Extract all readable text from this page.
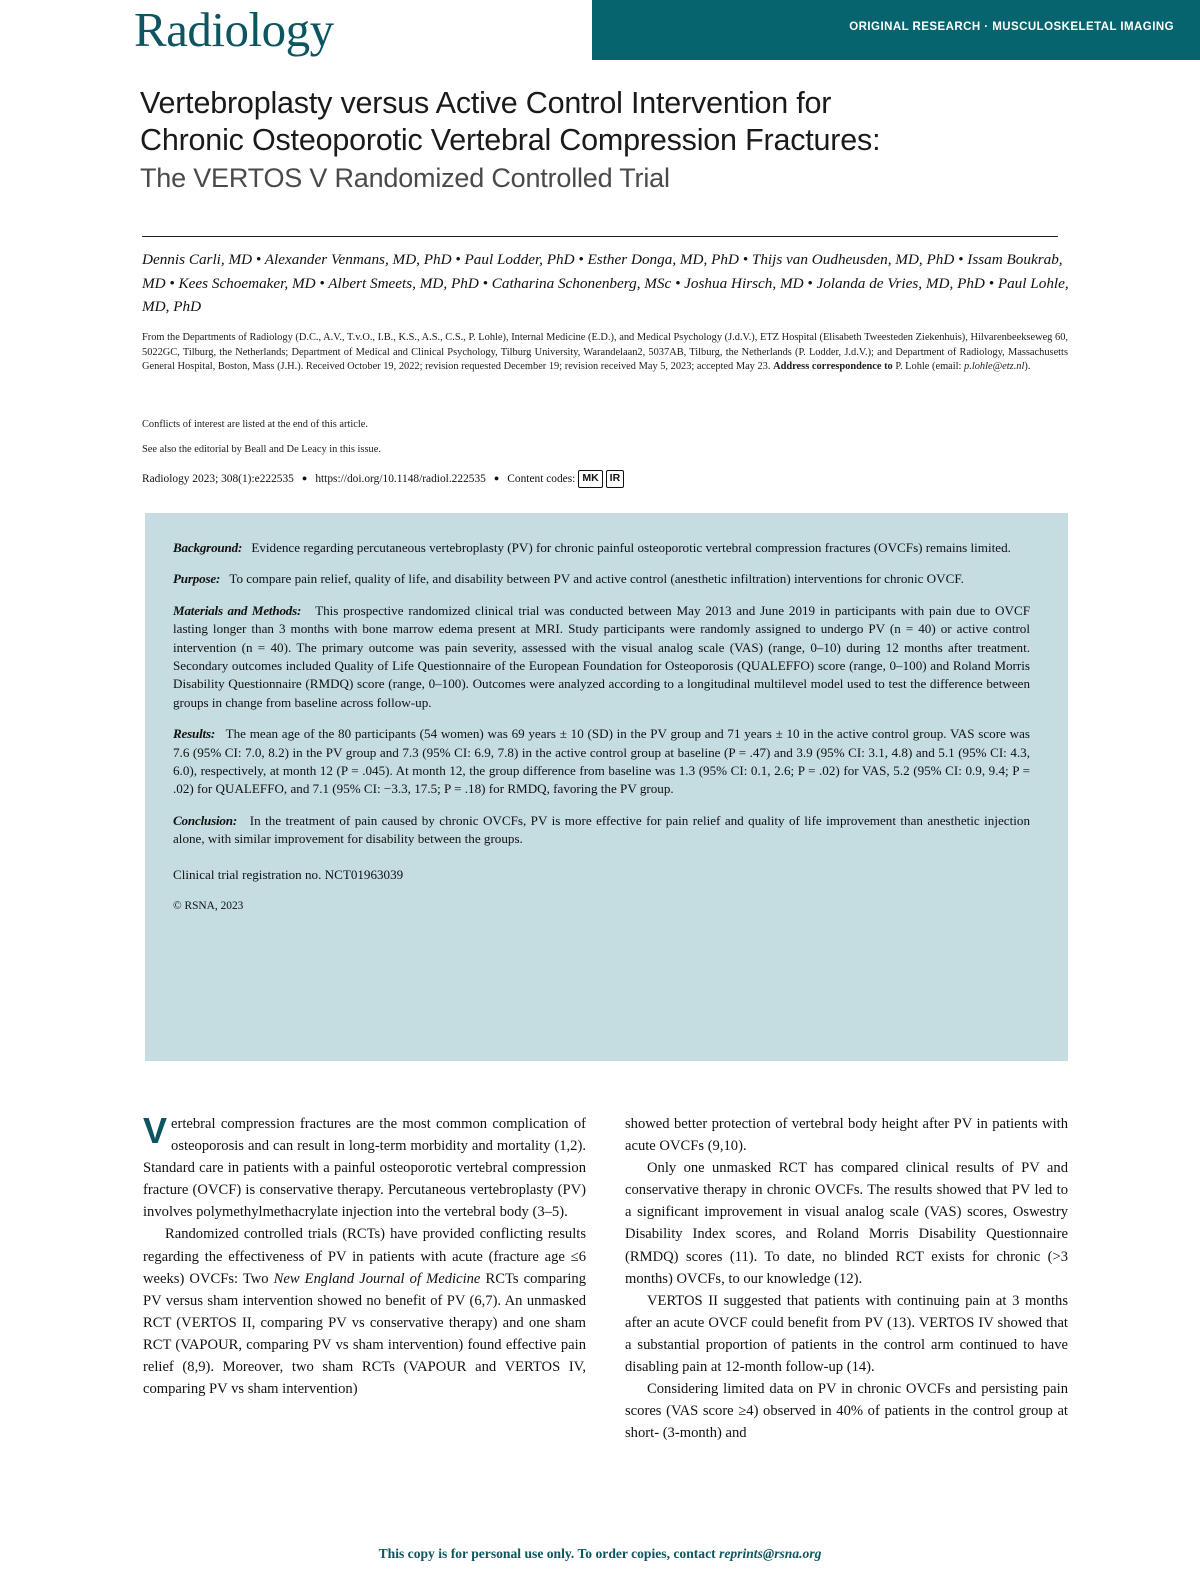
Radiology	ORIGINAL RESEARCH · MUSCULOSKELETAL IMAGING
Vertebroplasty versus Active Control Intervention for
Chronic Osteoporotic Vertebral Compression Fractures:
The VERTOS V Randomized Controlled Trial
Dennis Carli, MD • Alexander Venmans, MD, PhD • Paul Lodder, PhD • Esther Donga, MD, PhD • Thijs van Oudheusden, MD, PhD • Issam Boukrab, MD • Kees Schoemaker, MD • Albert Smeets, MD, PhD • Catharina Schonenberg, MSc • Joshua Hirsch, MD • Jolanda de Vries, MD, PhD • Paul Lohle, MD, PhD
From the Departments of Radiology (D.C., A.V., T.v.O., I.B., K.S., A.S., C.S., P. Lohle), Internal Medicine (E.D.), and Medical Psychology (J.d.V.), ETZ Hospital (Elisabeth Tweesteden Ziekenhuis), Hilvarenbeekseweg 60, 5022GC, Tilburg, the Netherlands; Department of Medical and Clinical Psychology, Tilburg University, Warandelaan2, 5037AB, Tilburg, the Netherlands (P. Lodder, J.d.V.); and Department of Radiology, Massachusetts General Hospital, Boston, Mass (J.H.). Received October 19, 2022; revision requested December 19; revision received May 5, 2023; accepted May 23. Address correspondence to P. Lohle (email: p.lohle@etz.nl).
Conflicts of interest are listed at the end of this article.
See also the editorial by Beall and De Leacy in this issue.
Radiology 2023; 308(1):e222535 ● https://doi.org/10.1148/radiol.222535 ● Content codes: MK	IR
Background: Evidence regarding percutaneous vertebroplasty (PV) for chronic painful osteoporotic vertebral compression fractures (OVCFs) remains limited.
Purpose: To compare pain relief, quality of life, and disability between PV and active control (anesthetic infiltration) interventions for chronic OVCF.
Materials and Methods: This prospective randomized clinical trial was conducted between May 2013 and June 2019 in participants with pain due to OVCF lasting longer than 3 months with bone marrow edema present at MRI. Study participants were randomly assigned to undergo PV (n = 40) or active control intervention (n = 40). The primary outcome was pain severity, assessed with the visual analog scale (VAS) (range, 0–10) during 12 months after treatment. Secondary outcomes included Quality of Life Questionnaire of the European Foundation for Osteoporosis (QUALEFFO) score (range, 0–100) and Roland Morris Disability Questionnaire (RMDQ) score (range, 0–100). Outcomes were analyzed according to a longitudinal multilevel model used to test the difference between groups in change from baseline across follow-up.
Results: The mean age of the 80 participants (54 women) was 69 years ± 10 (SD) in the PV group and 71 years ± 10 in the active control group. VAS score was 7.6 (95% CI: 7.0, 8.2) in the PV group and 7.3 (95% CI: 6.9, 7.8) in the active control group at baseline (P = .47) and 3.9 (95% CI: 3.1, 4.8) and 5.1 (95% CI: 4.3, 6.0), respectively, at month 12 (P = .045). At month 12, the group difference from baseline was 1.3 (95% CI: 0.1, 2.6; P = .02) for VAS, 5.2 (95% CI: 0.9, 9.4; P = .02) for QUALEFFO, and 7.1 (95% CI: −3.3, 17.5; P = .18) for RMDQ, favoring the PV group.
Conclusion: In the treatment of pain caused by chronic OVCFs, PV is more effective for pain relief and quality of life improvement than anesthetic injection alone, with similar improvement for disability between the groups.
Clinical trial registration no. NCT01963039
© RSNA, 2023

Vertebral compression fractures are the most common complication of osteoporosis and can result in long-term morbidity and mortality (1,2). Standard care in patients with a painful osteoporotic vertebral compression fracture (OVCF) is conservative therapy. Percutaneous vertebroplasty (PV) involves polymethylmethacrylate injection into the vertebral body (3–5).

Randomized controlled trials (RCTs) have provided conflicting results regarding the effectiveness of PV in patients with acute (fracture age ≤6 weeks) OVCFs: Two New England Journal of Medicine RCTs comparing PV versus sham intervention showed no benefit of PV (6,7). An unmasked RCT (VERTOS II, comparing PV vs conservative therapy) and one sham RCT (VAPOUR, comparing PV vs sham intervention) found effective pain relief (8,9). Moreover, two sham RCTs (VAPOUR and VERTOS IV, comparing PV vs sham intervention)

showed better protection of vertebral body height after PV in patients with acute OVCFs (9,10).

Only one unmasked RCT has compared clinical results of PV and conservative therapy in chronic OVCFs. The results showed that PV led to a significant improvement in visual analog scale (VAS) scores, Oswestry Disability Index scores, and Roland Morris Disability Questionnaire (RMDQ) scores (11). To date, no blinded RCT exists for chronic (>3 months) OVCFs, to our knowledge (12).

VERTOS II suggested that patients with continuing pain at 3 months after an acute OVCF could benefit from PV (13). VERTOS IV showed that a substantial proportion of patients in the control arm continued to have disabling pain at 12-month follow-up (14).

Considering limited data on PV in chronic OVCFs and persisting pain scores (VAS score ≥4) observed in 40% of patients in the control group at short- (3-month) and

This copy is for personal use only. To order copies, contact reprints@rsna.org
